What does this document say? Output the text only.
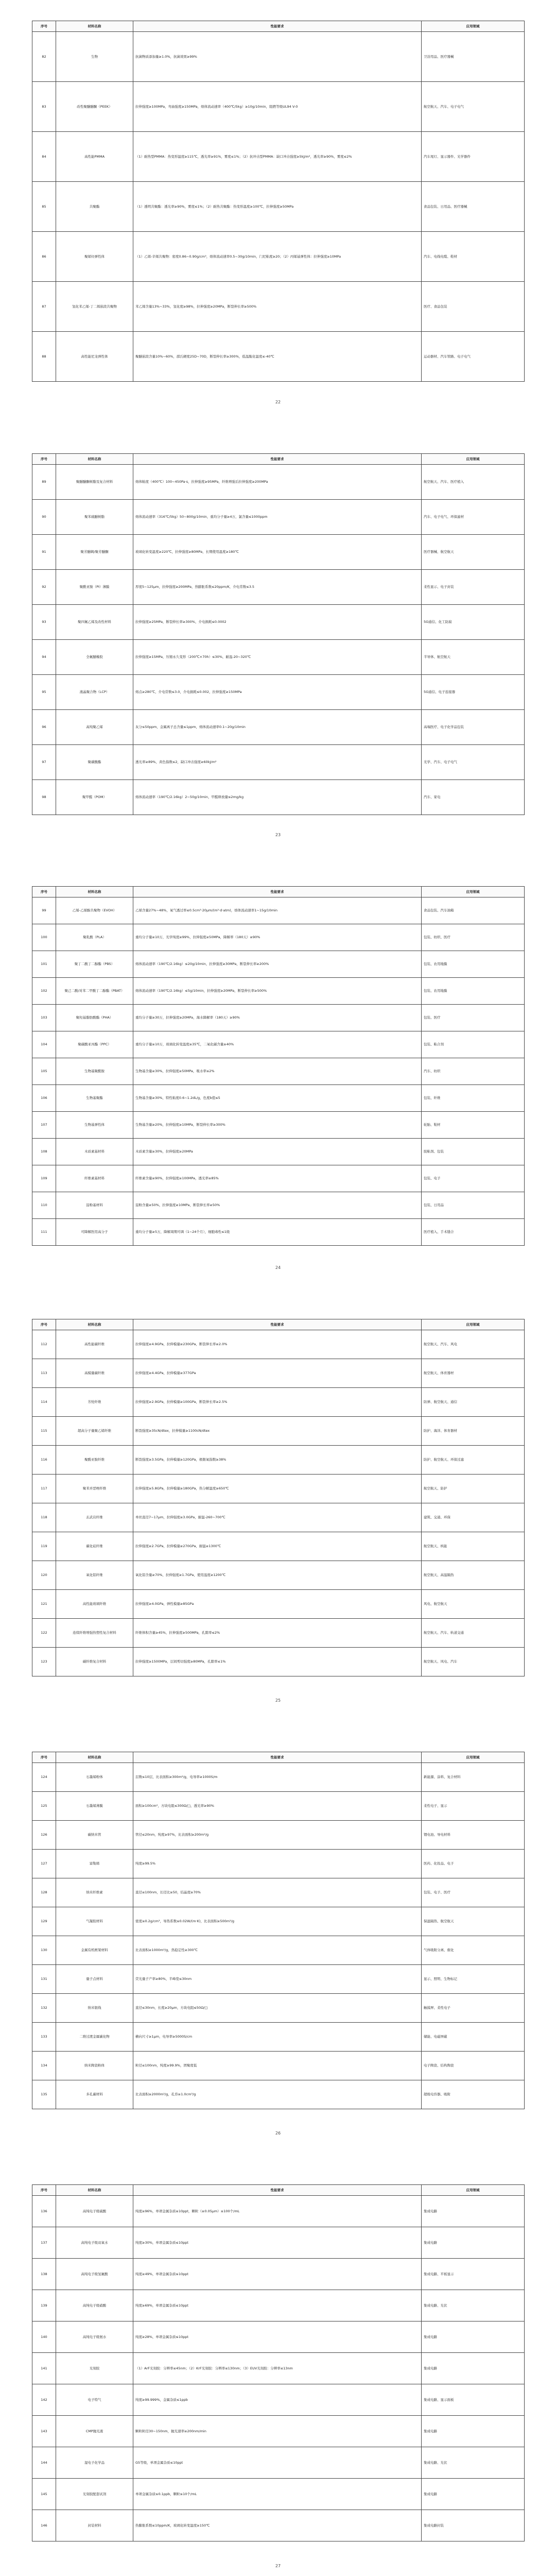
序号	材料名称	性能要求	应用领域
82	生物	抗菌物质添加量≥1.0%，抗菌效果≥99%	卫浴用品、医疗器械
83	改性聚醚醚酮（PEEK）	拉伸强度≥100MPa，弯曲强度≥150MPa，熔体流动速率（400℃/5kg）≥10g/10min，阻燃等级UL94 V-0	航空航天、汽车、电子电气
84	高性能PMMA	（1）耐热型PMMA：热变形温度≥115℃，透光率≥91%，雾度≤1%；（2）抗冲击型PMMA：缺口冲击强度≥5kJ/m²，透光率≥90%，雾度≤2%	汽车尾灯、显示器件、光学器件
85	共聚酯	（1）透明共聚酯：透光率≥90%，雾度≤1%；（2）耐热共聚酯：热变形温度≥100℃，拉伸强度≥50MPa	食品包装、日用品、医疗器械
86	聚烯烃弹性体	（1）乙烯-辛烯共聚物：密度0.86~0.90g/cm³，熔体流动速率0.5~30g/10min，门尼粘度≥20；（2）丙烯基弹性体：拉伸强度≥10MPa	汽车、电线电缆、鞋材
87	氢化苯乙烯-丁二烯嵌段共聚物	苯乙烯含量13%~33%，氢化度≥98%，拉伸强度≥20MPa，断裂伸长率≥500%	医疗、食品包装
88	高性能尼龙弹性体	聚醚嵌段含量10%~60%，邵氏硬度25D~70D，断裂伸长率≥300%，低温脆化温度≤-40℃	运动器材、汽车管路、电子电气
22
序号	材料名称	性能要求	应用领域
89	聚醚醚酮树脂及复合材料	熔体粘度（400℃）100~450Pa·s，拉伸强度≥95MPa，纤维增强后拉伸强度≥200MPa	航空航天、汽车、医疗植入
90	聚苯硫醚树脂	熔体流动速率（316℃/5kg）50~800g/10min，重均分子量≥4万，氯含量≤1000ppm	汽车、电子电气、环保滤材
91	聚芳醚砜/聚芳醚酮	玻璃化转变温度≥220℃，拉伸强度≥80MPa，长期使用温度≥180℃	医疗器械、航空航天
92	聚酰亚胺（PI）薄膜	厚度5~125μm，拉伸强度≥200MPa，热膨胀系数≤20ppm/K，介电常数≤3.5	柔性显示、电子封装
93	聚四氟乙烯及改性材料	拉伸强度≥25MPa，断裂伸长率≥300%，介电损耗≤0.0002	5G通信、化工防腐
94	全氟醚橡胶	拉伸强度≥15MPa，压缩永久变形（200℃×70h）≤30%，耐温-20~320℃	半导体、航空航天
95	液晶聚合物（LCP）	熔点≥280℃，介电常数≤3.0，介电损耗≤0.002，拉伸强度≥150MPa	5G通信、电子连接器
96	高纯聚乙烯	灰分≤50ppm，金属离子总含量≤1ppm，熔体流动速率0.1~20g/10min	高端医疗、电子化学品包装
97	聚碳酸酯	透光率≥89%，黄色指数≤2，缺口冲击强度≥60kJ/m²	光学、汽车、电子电气
98	聚甲醛（POM）	熔体流动速率（190℃/2.16kg）2~50g/10min，甲醛释放量≤2mg/kg	汽车、家电
23
序号	材料名称	性能要求	应用领域
99	乙烯-乙烯醇共聚物（EVOH）	乙烯含量27%~48%，氧气透过率≤0.5cm³·20μm/(m²·d·atm)，熔体流动速率1~15g/10min	食品包装、汽车油箱
100	聚乳酸（PLA）	重均分子量≥10万，光学纯度≥99%，拉伸强度≥50MPa，降解率（180天）≥90%	包装、纺织、医疗
101	聚丁二酸丁二醇酯（PBS）	熔体流动速率（190℃/2.16kg）≤20g/10min，拉伸强度≥30MPa，断裂伸长率≥200%	包装、农用地膜
102	聚己二酸/对苯二甲酸丁二醇酯（PBAT）	熔体流动速率（190℃/2.16kg）≤5g/10min，拉伸强度≥20MPa，断裂伸长率≥500%	包装、农用地膜
103	聚羟基脂肪酸酯（PHA）	重均分子量≥30万，拉伸强度≥20MPa，海水降解率（180天）≥90%	包装、医疗
104	聚碳酸亚丙酯（PPC）	重均分子量≥10万，玻璃化转变温度≥35℃，二氧化碳含量≥40%	包装、粘合剂
105	生物基聚酰胺	生物基含量≥30%，拉伸强度≥50MPa，吸水率≤2%	汽车、纺织
106	生物基聚酯	生物基含量≥30%，特性粘度0.6~1.2dL/g，色度b值≤5	包装、纤维
107	生物基弹性体	生物基含量≥20%，拉伸强度≥10MPa，断裂伸长率≥300%	轮胎、鞋材
108	木质素基材料	木质素含量≥30%，拉伸强度≥20MPa	胶粘剂、包装
109	纤维素基材料	纤维素含量≥90%，拉伸强度≥100MPa，透光率≥85%	包装、电子
110	淀粉基材料	淀粉含量≥50%，拉伸强度≥10MPa，断裂伸长率≥50%	包装、日用品
111	可降解医用高分子	重均分子量≥5万，降解周期可调（1~24个月），细胞毒性≤1级	医疗植入、手术缝合
24
序号	材料名称	性能要求	应用领域
112	高性能碳纤维	拉伸强度≥4.9GPa，拉伸模量≥230GPa，断裂伸长率≥2.0%	航空航天、汽车、风电
113	高模量碳纤维	拉伸强度≥4.4GPa，拉伸模量≥377GPa	航空航天、体育器材
114	芳纶纤维	拉伸强度≥2.9GPa，拉伸模量≥100GPa，断裂伸长率≥2.5%	防弹、航空航天、通信
115	超高分子量聚乙烯纤维	断裂强度≥35cN/dtex，拉伸模量≥1100cN/dtex	防护、海洋、体育器材
116	聚酰亚胺纤维	断裂强度≥3.5GPa，拉伸模量≥120GPa，极限氧指数≥38%	防护、航空航天、环保过滤
117	聚苯并恶唑纤维	拉伸强度≥5.8GPa，拉伸模量≥180GPa，热分解温度≥650℃	航空航天、防护
118	玄武岩纤维	单丝直径7~17μm，拉伸强度≥3.0GPa，耐温-260~700℃	建筑、交通、环保
119	碳化硅纤维	拉伸强度≥2.7GPa，拉伸模量≥270GPa，耐温≥1300℃	航空航天、核能
120	氧化铝纤维	氧化铝含量≥70%，拉伸强度≥1.7GPa，使用温度≥1200℃	航空航天、高温隔热
121	高性能玻璃纤维	拉伸强度≥4.0GPa，弹性模量≥85GPa	风电、航空航天
122	连续纤维增强热塑性复合材料	纤维体积含量≥45%，拉伸强度≥500MPa，孔隙率≤2%	航空航天、汽车、轨道交通
123	碳纤维复合材料	拉伸强度≥1500MPa，层间剪切强度≥80MPa，孔隙率≤1%	航空航天、风电、汽车
25
序号	材料名称	性能要求	应用领域
124	石墨烯粉体	层数≤10层，比表面积≥300m²/g，电导率≥1000S/m	新能源、涂料、复合材料
125	石墨烯薄膜	面积≥100cm²，方块电阻≤300Ω/□，透光率≥90%	柔性电子、显示
126	碳纳米管	管径≤20nm，纯度≥97%，比表面积≥200m²/g	锂电池、导电材料
127	富勒烯	纯度≥99.5%	医药、化妆品、电子
128	纳米纤维素	直径≤100nm，长径比≥50，结晶度≥70%	包装、电子、医疗
129	气凝胶材料	密度≤0.2g/cm³，导热系数≤0.02W/(m·K)，比表面积≥500m²/g	保温隔热、航空航天
130	金属有机框架材料	比表面积≥1000m²/g，热稳定性≥300℃	气体吸附分离、催化
131	量子点材料	荧光量子产率≥80%，半峰宽≤30nm	显示、照明、生物标记
132	纳米银线	直径≤30nm，长度≥20μm，方块电阻≤50Ω/□	触摸屏、柔性电子
133	二维过渡金属碳化物	横向尺寸≥1μm，电导率≥5000S/cm	储能、电磁屏蔽
134	纳米陶瓷粉体	粒径≤100nm，纯度≥99.9%，团聚度低	电子陶瓷、结构陶瓷
135	多孔碳材料	比表面积≥2000m²/g，孔容≥1.0cm³/g	超级电容器、吸附
26
序号	材料名称	性能要求	应用领域
136	高纯电子级硫酸	纯度≥96%，单项金属杂质≤10ppt，颗粒（≥0.05μm）≤100个/mL	集成电路
137	高纯电子级双氧水	纯度≥30%，单项金属杂质≤10ppt	集成电路
138	高纯电子级氢氟酸	纯度≥49%，单项金属杂质≤10ppt	集成电路、平板显示
139	高纯电子级硝酸	纯度≥69%，单项金属杂质≤10ppt	集成电路、光伏
140	高纯电子级氨水	纯度≥28%，单项金属杂质≤10ppt	集成电路
141	光刻胶	（1）ArF光刻胶：分辨率≤45nm；（2）KrF光刻胶：分辨率≤130nm；（3）EUV光刻胶：分辨率≤13nm	集成电路
142	电子特气	纯度≥99.999%，金属杂质≤1ppb	集成电路、显示面板
143	CMP抛光液	颗粒粒径30~150nm，抛光速率≥200nm/min	集成电路
144	湿电子化学品	G5等级，单项金属杂质≤10ppt	集成电路、光伏
145	光刻胶配套试剂	单项金属杂质≤0.1ppb，颗粒≤10个/mL	集成电路
146	封装材料	热膨胀系数≤10ppm/K，玻璃化转变温度≥150℃	集成电路封装
27
